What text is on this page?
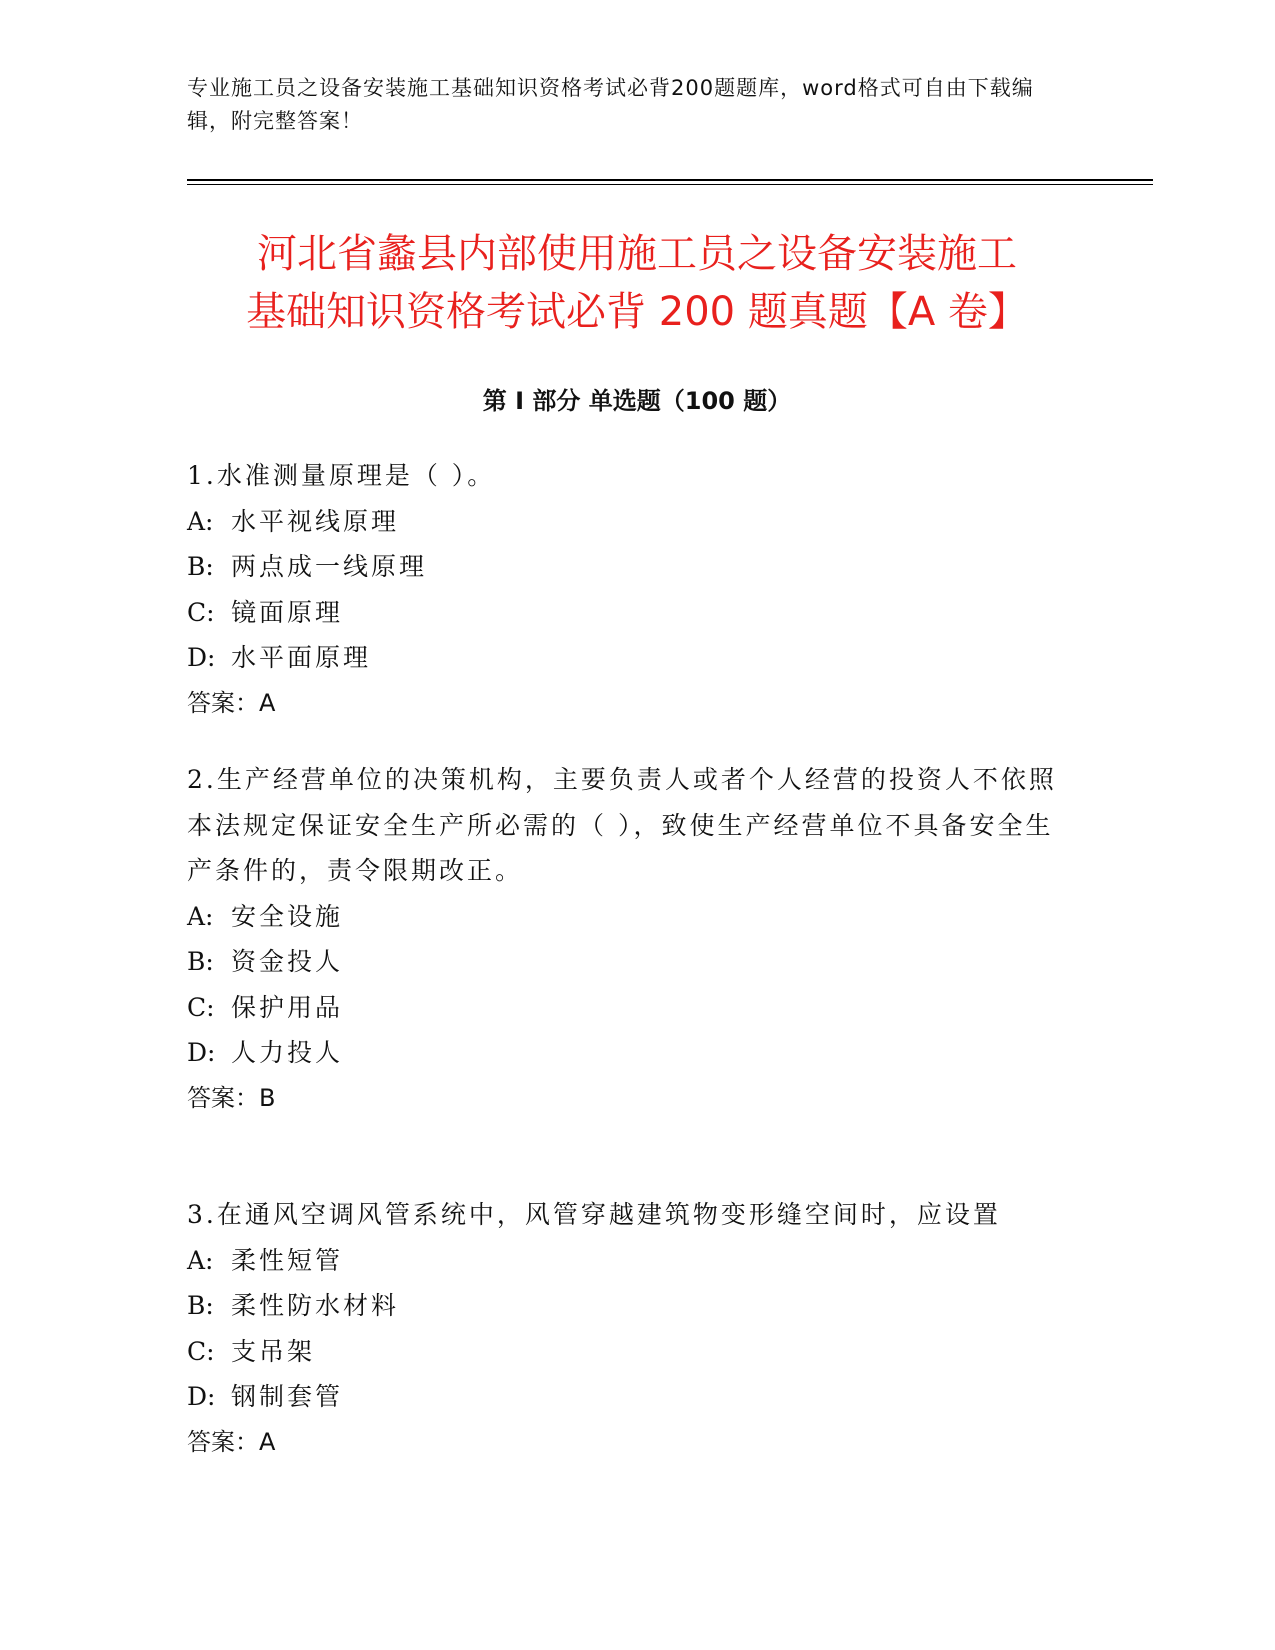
专业施工员之设备安装施工基础知识资格考试必背200题题库，word格式可自由下载编辑，附完整答案！
河北省蠡县内部使用施工员之设备安装施工
基础知识资格考试必背 200 题真题【A 卷】
第 I 部分 单选题（100 题）

1.水准测量原理是（ ）。

A: 水平视线原理

B: 两点成一线原理

C: 镜面原理

D: 水平面原理

答案：A

2.生产经营单位的决策机构，主要负责人或者个人经营的投资人不依照本法规定保证安全生产所必需的（ ），致使生产经营单位不具备安全生产条件的，责令限期改正。

A: 安全设施

B: 资金投人

C: 保护用品

D: 人力投人

答案：B

3.在通风空调风管系统中，风管穿越建筑物变形缝空间时，应设置

A: 柔性短管

B: 柔性防水材料

C: 支吊架

D: 钢制套管

答案：A
